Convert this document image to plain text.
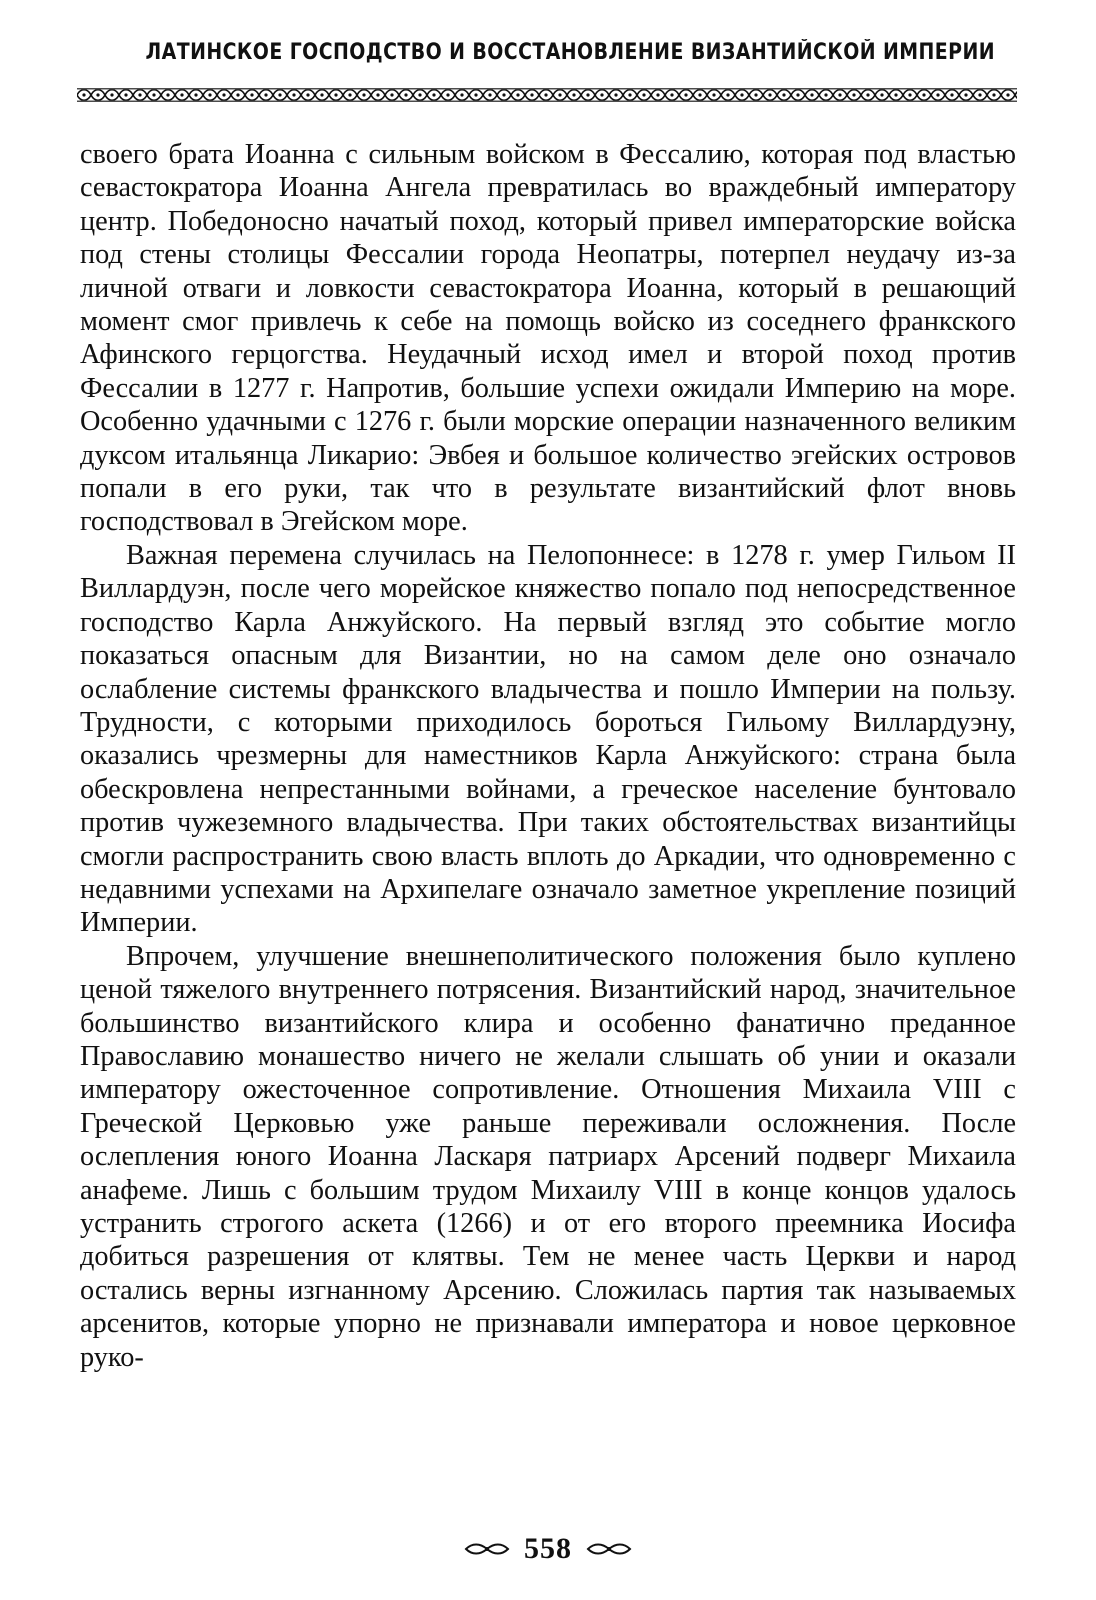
ЛАТИНСКОЕ ГОСПОДСТВО И ВОССТАНОВЛЕНИЕ ВИЗАНТИЙСКОЙ ИМПЕРИИ

своего брата Иоанна с сильным войском в Фессалию, которая под властью севастократора Иоанна Ангела превратилась во враждебный императору центр. Победоносно начатый поход, который привел императорские войска под стены столицы Фессалии города Неопатры, потерпел неудачу из-за личной отваги и ловкости севастократора Иоанна, который в решающий момент смог привлечь к себе на помощь войско из соседнего франкского Афинского герцогства. Неудачный исход имел и второй поход против Фессалии в 1277 г. Напротив, большие успехи ожидали Империю на море. Особенно удачными с 1276 г. были морские операции назначенного великим дуксом итальянца Ликарио: Эвбея и большое количество эгейских островов попали в его руки, так что в результате византийский флот вновь господствовал в Эгейском море.

Важная перемена случилась на Пелопоннесе: в 1278 г. умер Гильом II Виллардуэн, после чего морейское княжество попало под непосредственное господство Карла Анжуйского. На первый взгляд это событие могло показаться опасным для Византии, но на самом деле оно означало ослабление системы франкского владычества и пошло Империи на пользу. Трудности, с которыми приходилось бороться Гильому Виллардуэну, оказались чрезмерны для наместников Карла Анжуйского: страна была обескровлена непрестанными войнами, а греческое население бунтовало против чужеземного владычества. При таких обстоятельствах византийцы смогли распространить свою власть вплоть до Аркадии, что одновременно с недавними успехами на Архипелаге означало заметное укрепление позиций Империи.

Впрочем, улучшение внешнеполитического положения было куплено ценой тяжелого внутреннего потрясения. Византийский народ, значительное большинство византийского клира и особенно фанатично преданное Православию монашество ничего не желали слышать об унии и оказали императору ожесточенное сопротивление. Отношения Михаила VIII с Греческой Церковью уже раньше переживали осложнения. После ослепления юного Иоанна Ласкаря патриарх Арсений подверг Михаила анафеме. Лишь с большим трудом Михаилу VIII в конце концов удалось устранить строгого аскета (1266) и от его второго преемника Иосифа добиться разрешения от клятвы. Тем не менее часть Церкви и народ остались верны изгнанному Арсению. Сложилась партия так называемых арсенитов, которые упорно не признавали императора и новое церковное руко-

558
